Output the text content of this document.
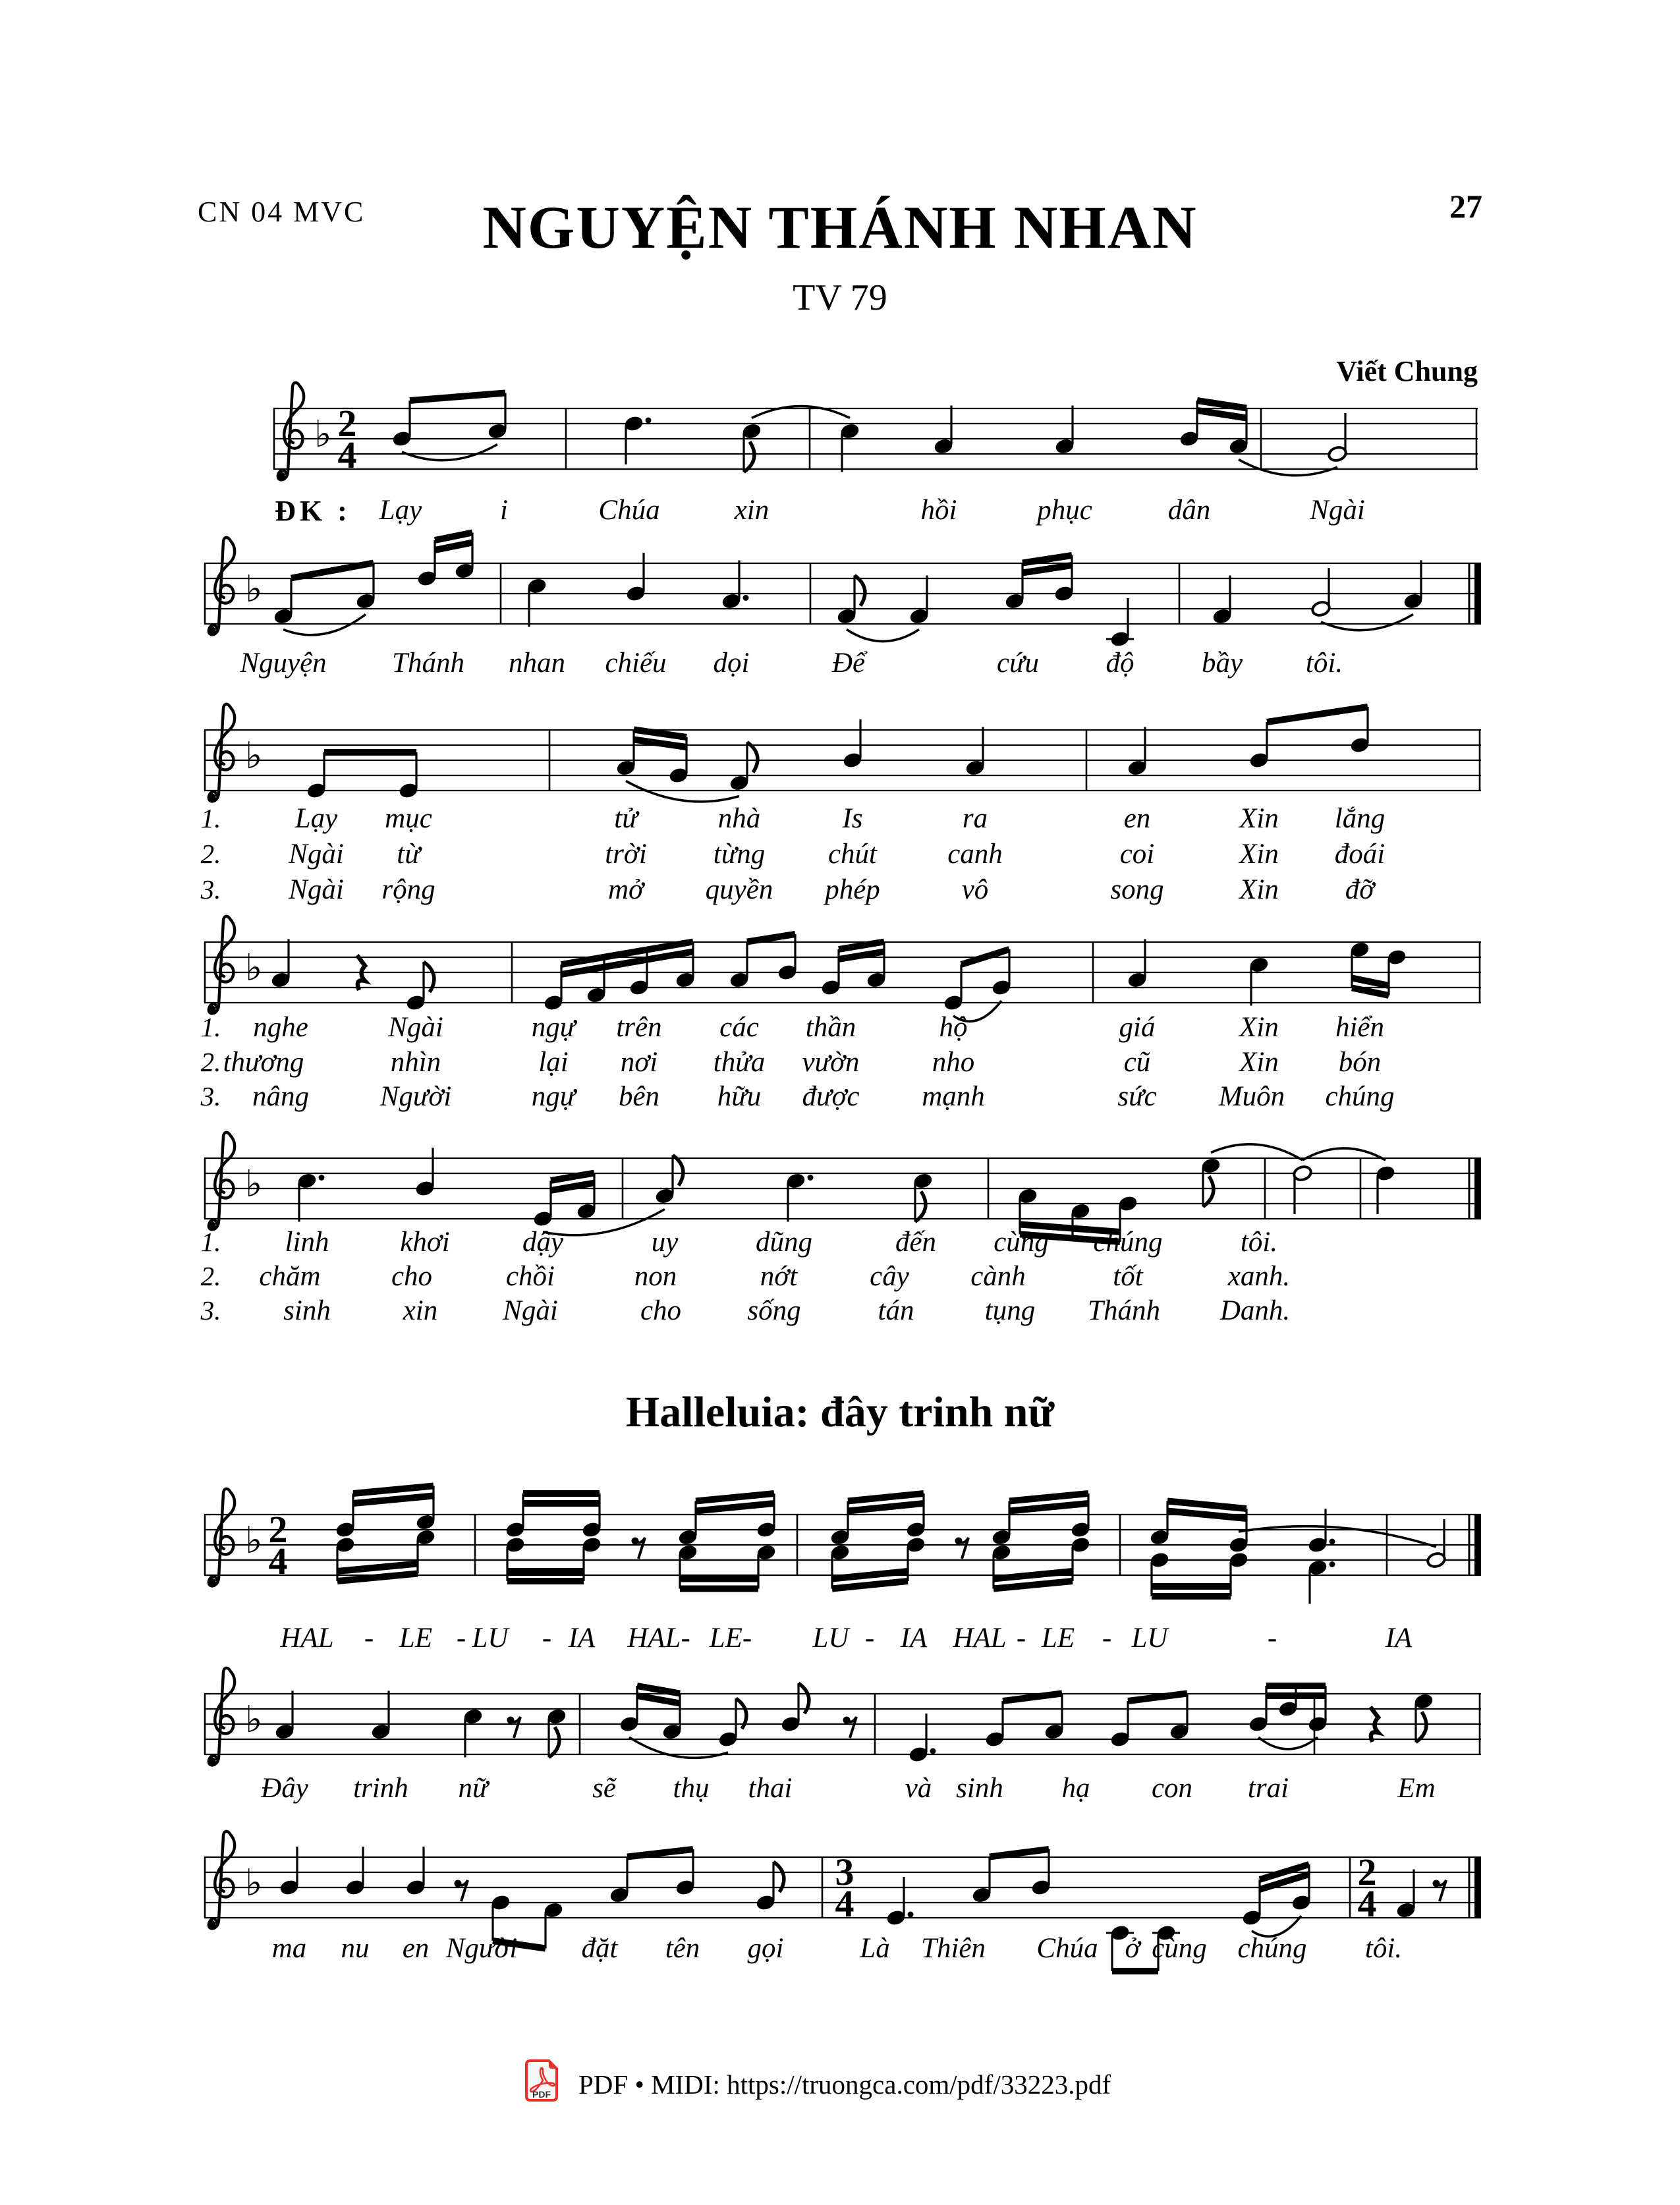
CN 04 MVC	27
NGUYỆN THÁNH NHAN
TV 79
Viết Chung
Halleluia: đây trinh nữ
♭ 2
4
♭
♭
♭
♭
♭ 2
4
♭
♭	3
4
2
4
ĐK : Lạy	i	Chúa	xin	hồi	phục	dân	Ngài
Nguyện Thánh nhan chiếu dọi	Để	cứu độ bầy tôi.
1.	Lạy mục	tử	nhà	Is	ra	en	Xin lắng
2. Ngài từ	trời từng chút canh	coi	Xin đoái
3. Ngài rộng	mở quyền phép	vô	song	Xin đỡ
1. nghe	Ngài	ngự trên các thần	hộ	giá	Xin hiển
2. thương	nhìn	lại nơi thửa vườn	nho	cũ	Xin bón
3. nâng	Người	ngự bên hữu được mạnh	sức Muôn chúng
1. linh	khơi	dậy	uy	dũng	đến cùng chúng	tôi.
2. chăm cho	chồi	non	nớt	cây cành	tốt	xanh.
3. sinh	xin Ngài	cho sống	tán tụng Thánh Danh.
HAL - LE - LU - IA HAL- LE- LU - IA HAL - LE - LU	-	IA
Đây trinh nữ	sẽ thụ thai	và sinh hạ con trai	Em
ma nu en Người đặt tên gọi	Là Thiên Chúa ở cùng chúng tôi.
PDF PDF • MIDI: https://truongca.com/pdf/33223.pdf
